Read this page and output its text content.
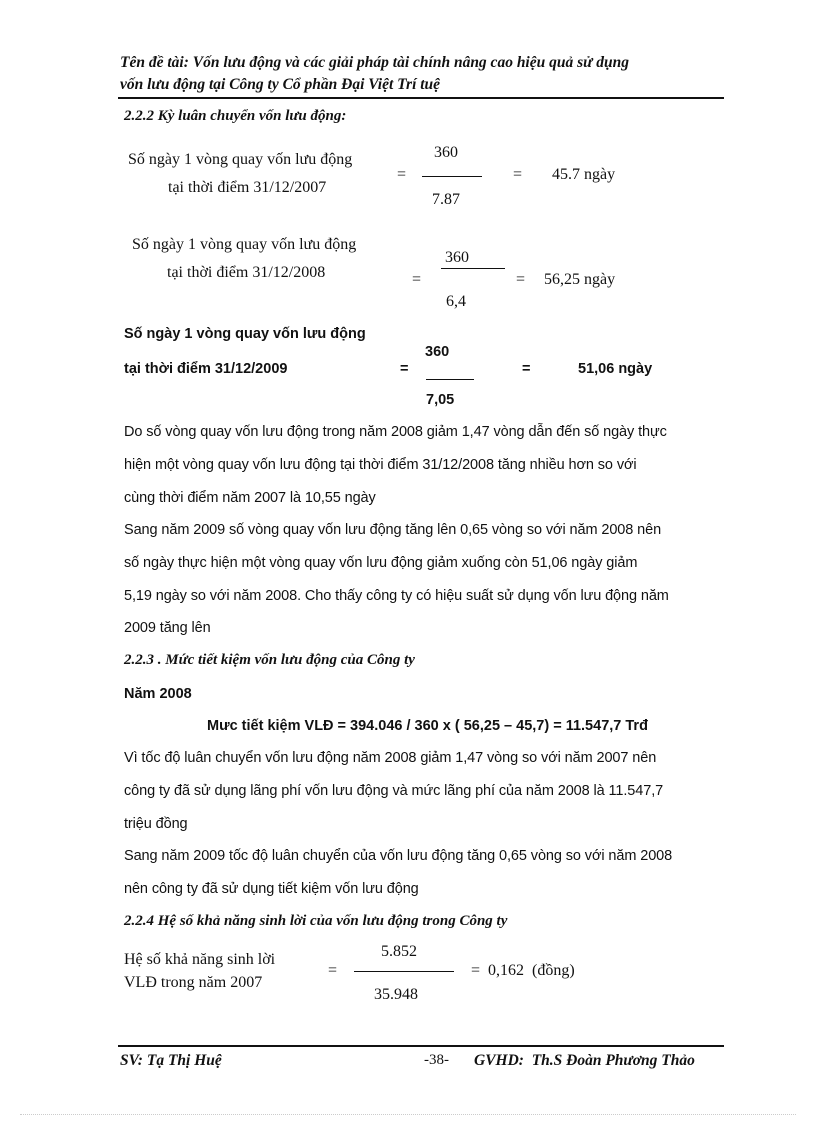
Tên đề tài: Vốn lưu động và các giải pháp tài chính nâng cao hiệu quả sử dụng
vốn lưu động tại Công ty Cổ phần Đại Việt Trí tuệ
2.2.2 Kỳ luân chuyển vốn lưu động:
Số ngày 1 vòng quay vốn lưu động
tại thời điểm 31/12/2007
=
360
7.87
= 45.7 ngày
Số ngày 1 vòng quay vốn lưu động
tại thời điểm 31/12/2008	=
360
6,4
= 56,25 ngày
Số ngày 1 vòng quay vốn lưu động
tại thời điểm 31/12/2009	=
360
7,05
=	51,06 ngày
Do số vòng quay vốn lưu động trong năm 2008 giảm 1,47 vòng dẫn đến số ngày thực
hiện một vòng quay vốn lưu động tại thời điểm 31/12/2008 tăng nhiều hơn so với
cùng thời điểm năm 2007 là 10,55 ngày
Sang năm 2009 số vòng quay vốn lưu động tăng lên 0,65 vòng so với năm 2008 nên
số ngày thực hiện một vòng quay vốn lưu động giảm xuống còn 51,06 ngày giảm
5,19 ngày so với năm 2008. Cho thấy công ty có hiệu suất sử dụng vốn lưu động năm
2009 tăng lên
2.2.3 . Mức tiết kiệm vốn lưu động của Công ty
Năm 2008
Mưc tiết kiệm VLĐ = 394.046 / 360 x ( 56,25 – 45,7) = 11.547,7 Trđ
Vì tốc độ luân chuyển vốn lưu động năm 2008 giảm 1,47 vòng so với năm 2007 nên
công ty đã sử dụng lãng phí vốn lưu động và mức lãng phí của năm 2008 là 11.547,7
triệu đồng
Sang năm 2009 tốc độ luân chuyển của vốn lưu động tăng 0,65 vòng so với năm 2008
nên công ty đã sử dụng tiết kiệm vốn lưu động
2.2.4 Hệ số khả năng sinh lời của vốn lưu động trong Công ty
Hệ số khả năng sinh lời
VLĐ trong năm 2007
=
5.852
35.948
=  0,162  (đồng)
SV: Tạ Thị Huệ	-38- GVHD:  Th.S Đoàn Phương Thảo
